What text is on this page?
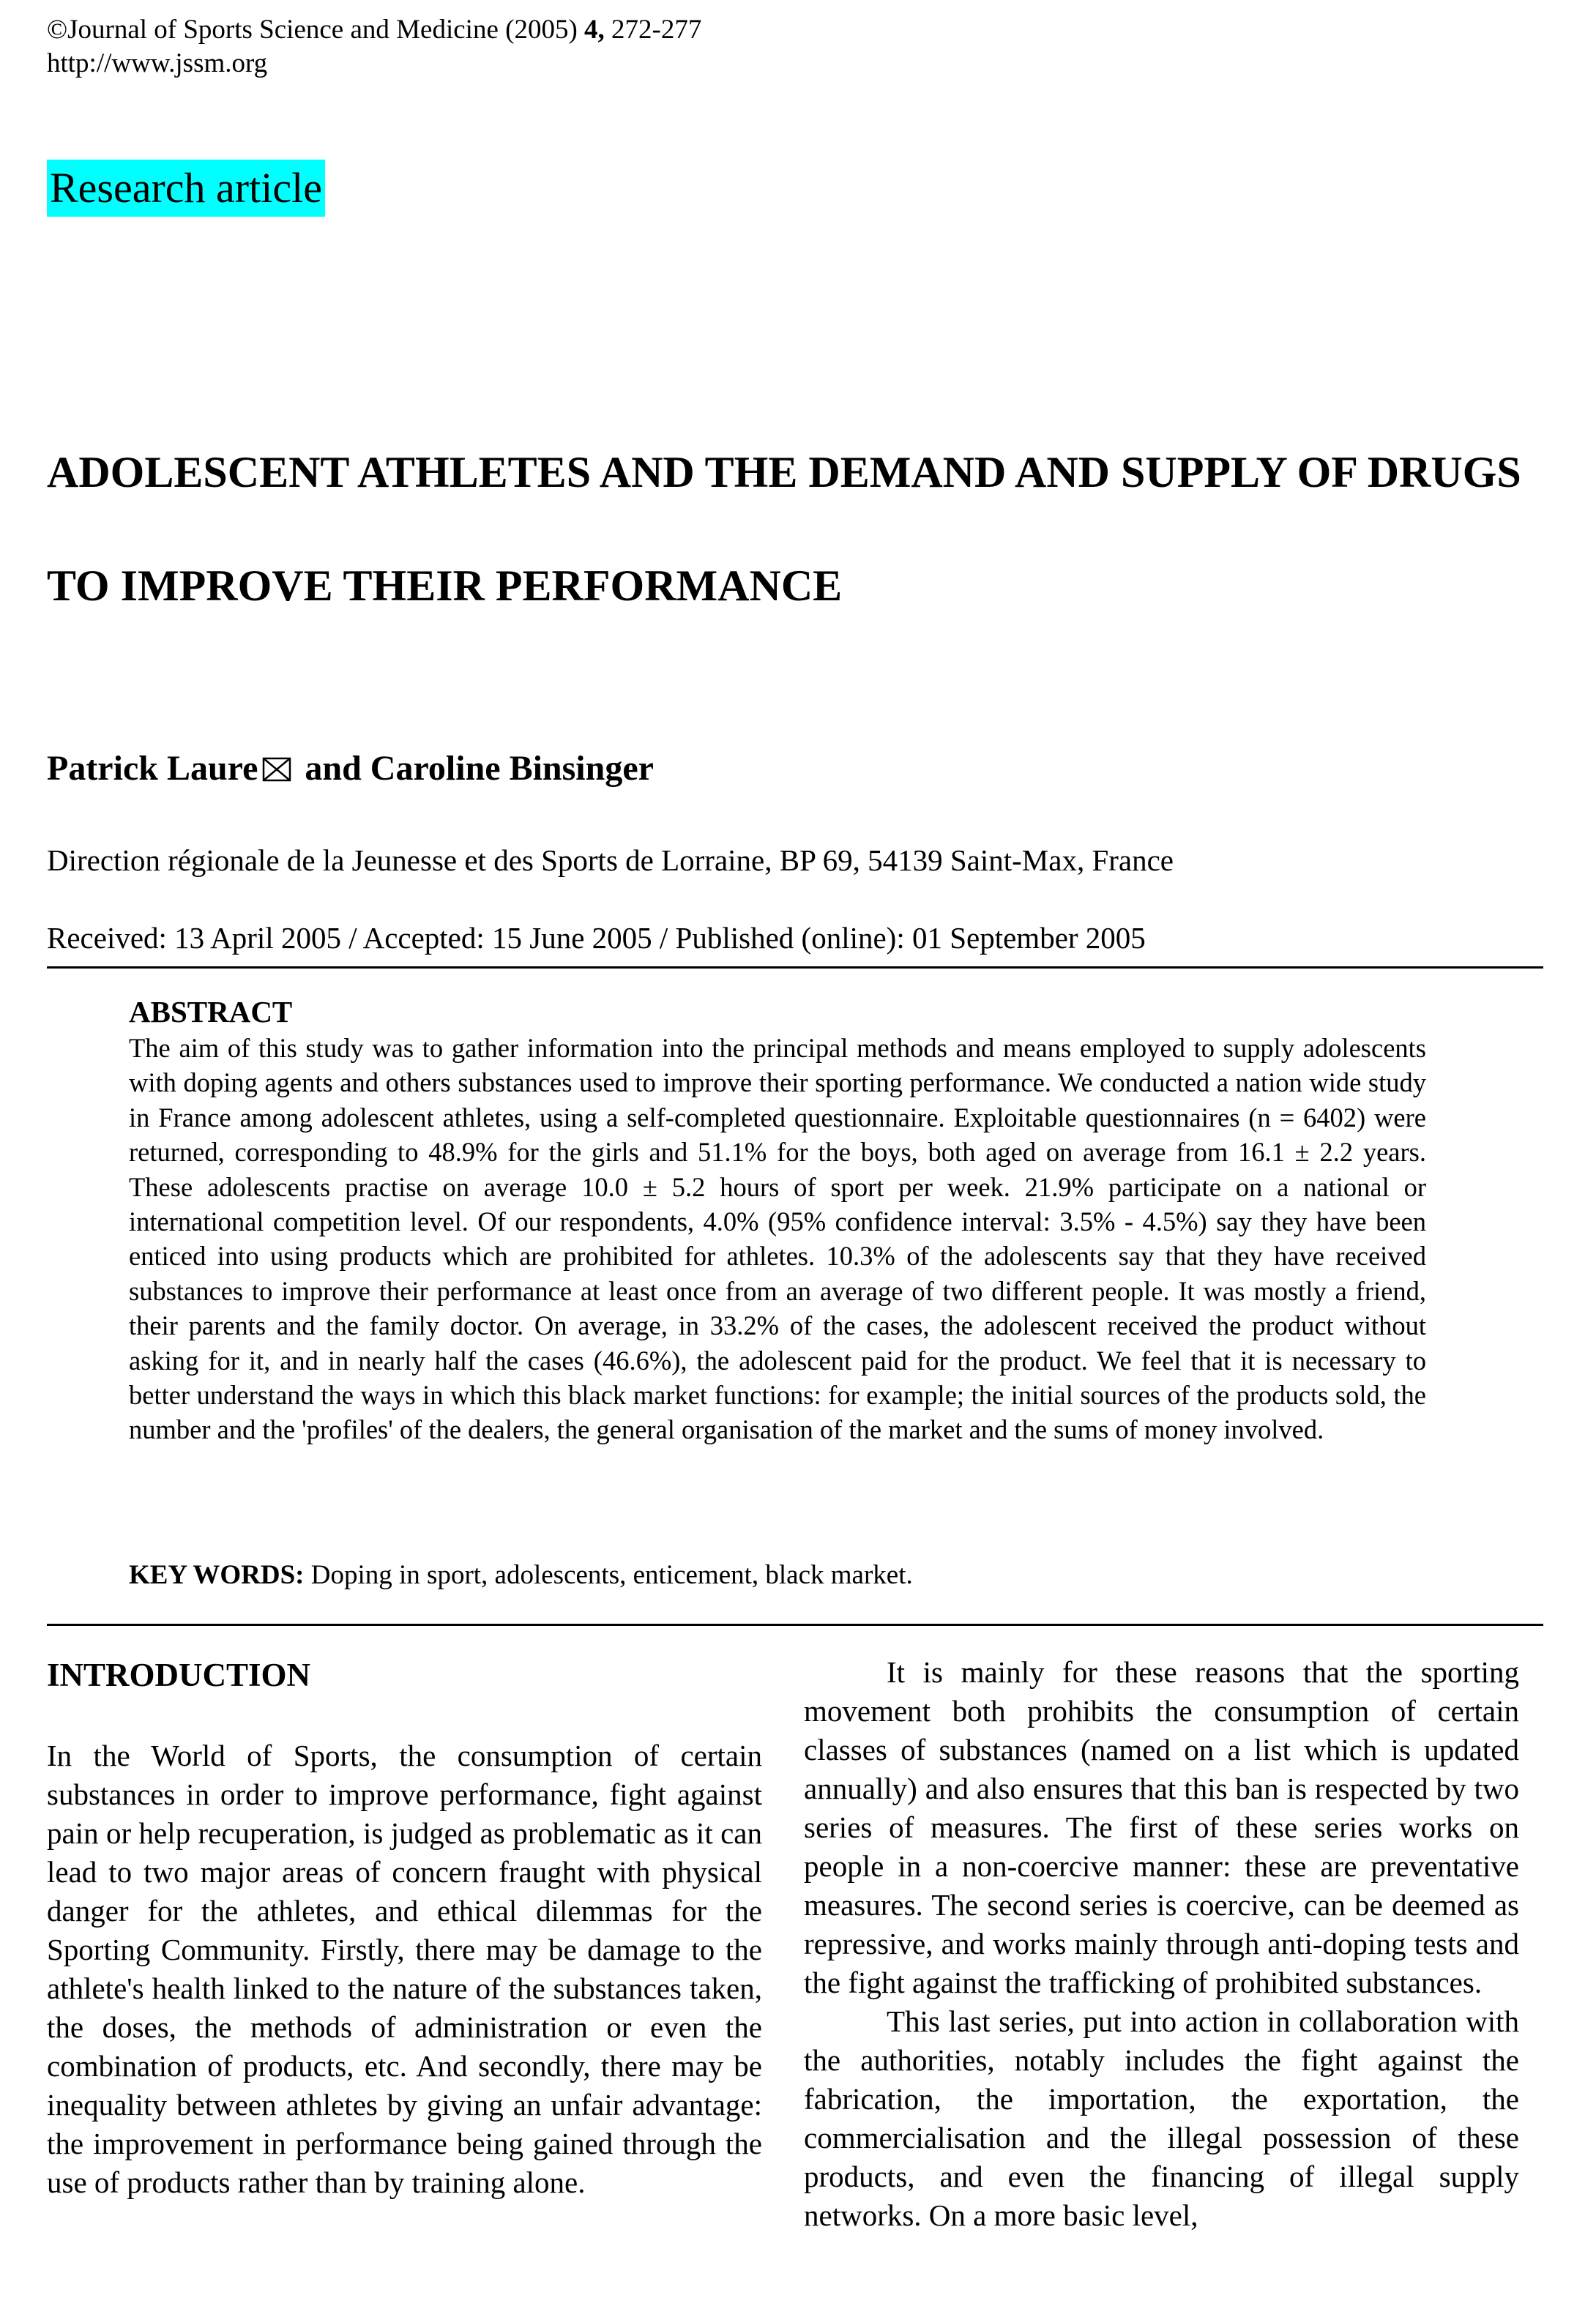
©Journal of Sports Science and Medicine (2005) 4, 272-277
http://www.jssm.org
Research article
ADOLESCENT ATHLETES AND THE DEMAND AND SUPPLY OF DRUGS TO IMPROVE THEIR PERFORMANCE
Patrick Laure and Caroline Binsinger
Direction régionale de la Jeunesse et des Sports de Lorraine, BP 69, 54139 Saint-Max, France
Received: 13 April 2005 / Accepted: 15 June 2005 / Published (online): 01 September 2005
ABSTRACT

The aim of this study was to gather information into the principal methods and means employed to supply adolescents with doping agents and others substances used to improve their sporting performance. We conducted a nation wide study in France among adolescent athletes, using a self-completed questionnaire. Exploitable questionnaires (n = 6402) were returned, corresponding to 48.9% for the girls and 51.1% for the boys, both aged on average from 16.1 ± 2.2 years. These adolescents practise on average 10.0 ± 5.2 hours of sport per week. 21.9% participate on a national or international competition level. Of our respondents, 4.0% (95% confidence interval: 3.5% - 4.5%) say they have been enticed into using products which are prohibited for athletes. 10.3% of the adolescents say that they have received substances to improve their performance at least once from an average of two different people. It was mostly a friend, their parents and the family doctor. On average, in 33.2% of the cases, the adolescent received the product without asking for it, and in nearly half the cases (46.6%), the adolescent paid for the product. We feel that it is necessary to better understand the ways in which this black market functions: for example; the initial sources of the products sold, the number and the 'profiles' of the dealers, the general organisation of the market and the sums of money involved.

KEY WORDS: Doping in sport, adolescents, enticement, black market.
INTRODUCTION

In the World of Sports, the consumption of certain substances in order to improve performance, fight against pain or help recuperation, is judged as problematic as it can lead to two major areas of concern fraught with physical danger for the athletes, and ethical dilemmas for the Sporting Community. Firstly, there may be damage to the athlete's health linked to the nature of the substances taken, the doses, the methods of administration or even the combination of products, etc. And secondly, there may be inequality between athletes by giving an unfair advantage: the improvement in performance being gained through the use of products rather than by training alone.

It is mainly for these reasons that the sporting movement both prohibits the consumption of certain classes of substances (named on a list which is updated annually) and also ensures that this ban is respected by two series of measures. The first of these series works on people in a non-coercive manner: these are preventative measures. The second series is coercive, can be deemed as repressive, and works mainly through anti-doping tests and the fight against the trafficking of prohibited substances.

This last series, put into action in collaboration with the authorities, notably includes the fight against the fabrication, the importation, the exportation, the commercialisation and the illegal possession of these products, and even the financing of illegal supply networks. On a more basic level,
